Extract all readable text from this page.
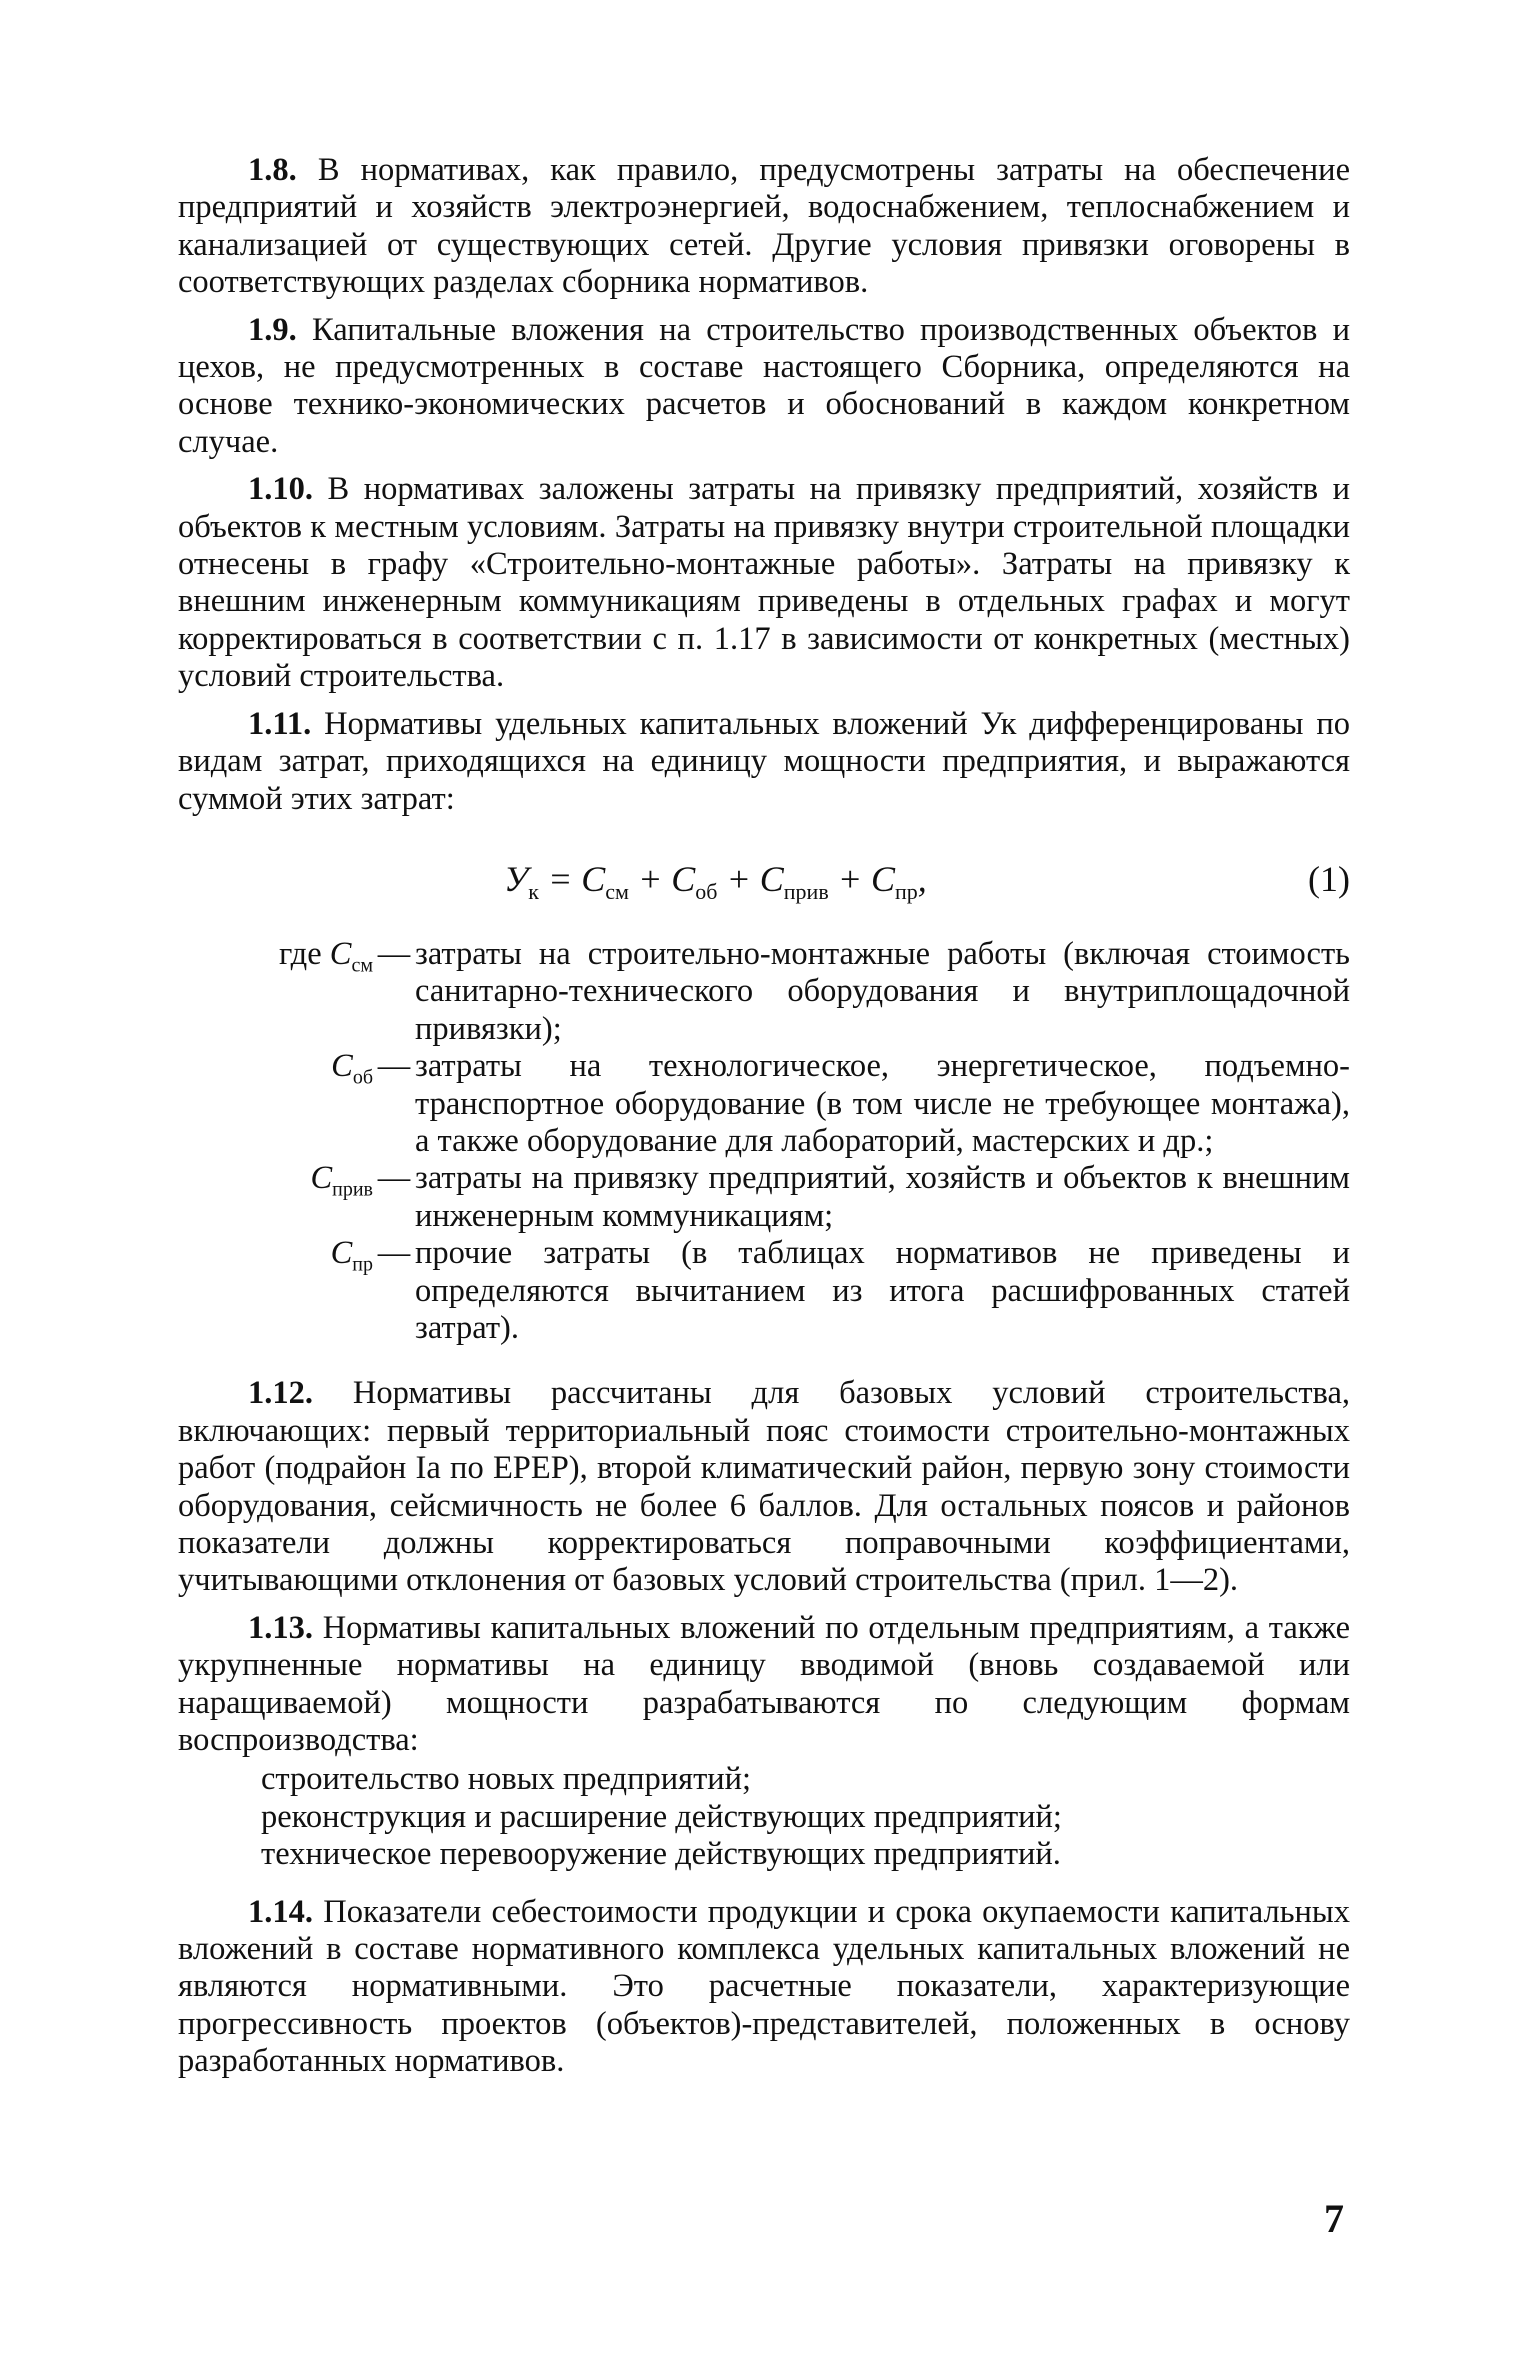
1.8. В нормативах, как правило, предусмотрены затраты на обеспечение предприятий и хозяйств электроэнергией, водоснабжением, теплоснабжением и канализацией от существующих сетей. Другие условия привязки оговорены в соответствующих разделах сборника нормативов.

1.9. Капитальные вложения на строительство производственных объектов и цехов, не предусмотренных в составе настоящего Сборника, определяются на основе технико-экономических расчетов и обоснований в каждом конкретном случае.

1.10. В нормативах заложены затраты на привязку предприятий, хозяйств и объектов к местным условиям. Затраты на привязку внутри строительной площадки отнесены в графу «Строительно-монтажные работы». Затраты на привязку к внешним инженерным коммуникациям приведены в отдельных графах и могут корректироваться в соответствии с п. 1.17 в зависимости от конкретных (местных) условий строительства.

1.11. Нормативы удельных капитальных вложений Ук дифференцированы по видам затрат, приходящихся на единицу мощности предприятия, и выражаются суммой этих затрат:

$У_к = С_{см} + С_{об} + С_{прив} + С_{пр}$,	(1)
где $С_{см}$ — затраты на строительно-монтажные работы (включая стоимость санитарно-технического оборудования и внутриплощадочной привязки);
$С_{об}$ — затраты на технологическое, энергетическое, подъемно-транспортное оборудование (в том числе не требующее монтажа), а также оборудование для лабораторий, мастерских и др.;
$С_{прив}$ — затраты на привязку предприятий, хозяйств и объектов к внешним инженерным коммуникациям;
$С_{пр}$ — прочие затраты (в таблицах нормативов не приведены и определяются вычитанием из итога расшифрованных статей затрат).

1.12. Нормативы рассчитаны для базовых условий строительства, включающих: первый территориальный пояс стоимости строительно-монтажных работ (подрайон Iа по ЕРЕР), второй климатический район, первую зону стоимости оборудования, сейсмичность не более 6 баллов. Для остальных поясов и районов показатели должны корректироваться поправочными коэффициентами, учитывающими отклонения от базовых условий строительства (прил. 1—2).

1.13. Нормативы капитальных вложений по отдельным предприятиям, а также укрупненные нормативы на единицу вводимой (вновь создаваемой или наращиваемой) мощности разрабатываются по следующим формам воспроизводства:

строительство новых предприятий;
реконструкция и расширение действующих предприятий;
техническое перевооружение действующих предприятий.

1.14. Показатели себестоимости продукции и срока окупаемости капитальных вложений в составе нормативного комплекса удельных капитальных вложений не являются нормативными. Это расчетные показатели, характеризующие прогрессивность проектов (объектов)-представителей, положенных в основу разработанных нормативов.

7
